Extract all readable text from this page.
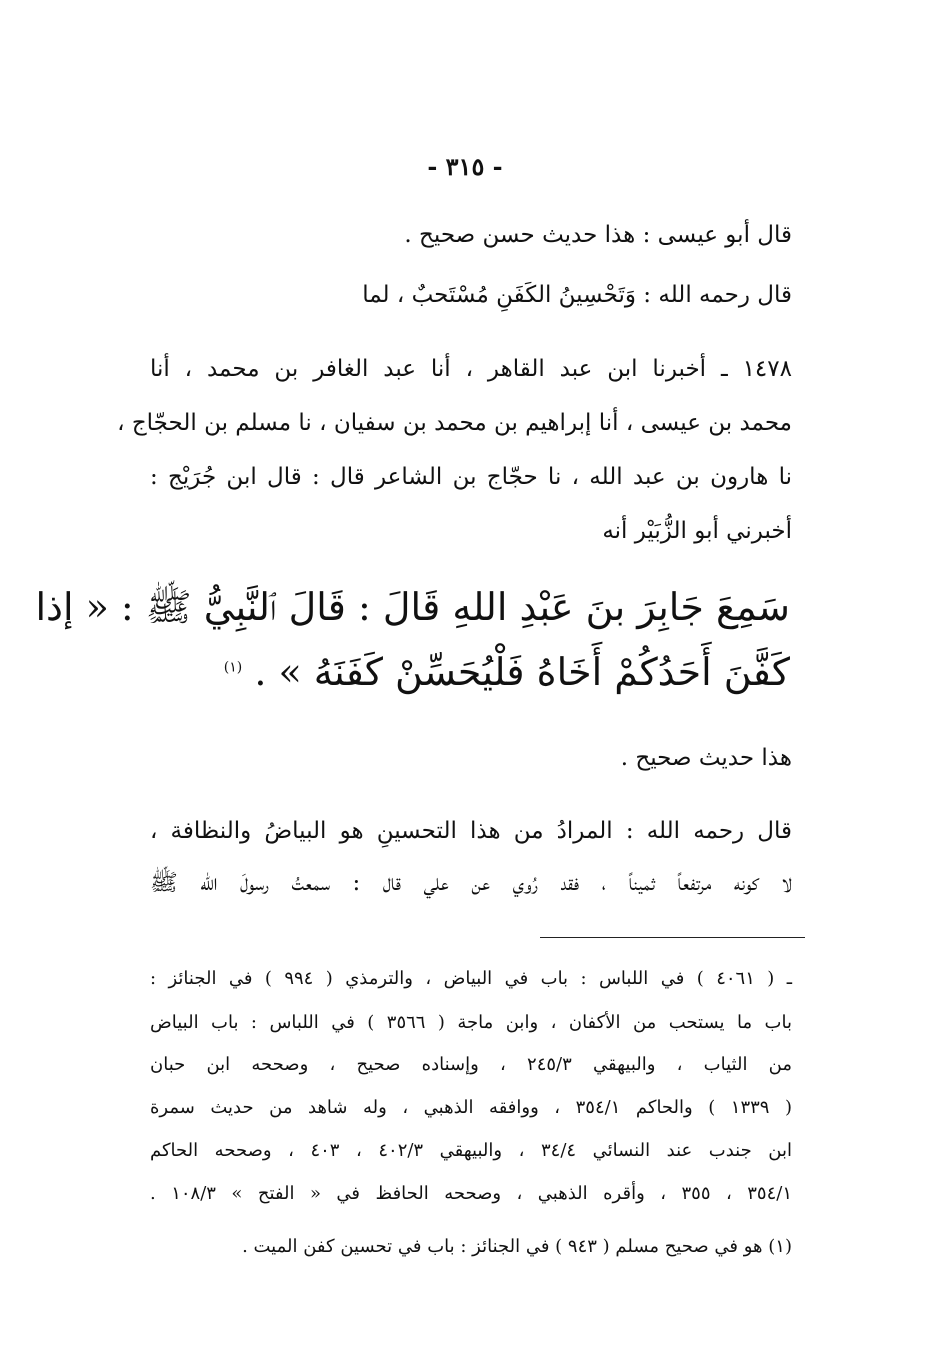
- ٣١٥ -
قال أبو عيسى : هذا حديث حسن صحيح .
قال رحمه الله : وَتَحْسِينُ الكَفَنِ مُسْتَحبٌ ، لما
١٤٧٨ ـ أخبرنا ابن عبد القاهر ، أنا عبد الغافر بن محمد ، أنا
محمد بن عيسى ، أنا إبراهيم بن محمد بن سفيان ، نا مسلم بن الحجّاج ،
نا هارون بن عبد الله ، نا حجّاج بن الشاعر قال : قال ابن جُرَيْج :
أخبرني أبو الزُّبَيْر أنه
سَمِعَ جَابِرَ بنَ عَبْدِ اللهِ قَالَ : قَالَ ٱلنَّبِيُّ ﷺ : « إذا
كَفَّنَ أَحَدُكُمْ أَخَاهُ فَلْيُحَسِّنْ كَفَنَهُ » . $^{(١)}$
هذا حديث صحيح .
قال رحمه الله : المرادُ من هذا التحسينِ هو البياضُ والنظافة ،
لا كونه مرتفعاً ثميناً ، فقد رُوي عن علي قال : سمعتُ رسولَ الله ﷺ
ـ ( ٤٠٦١ ) في اللباس : باب في البياض ، والترمذي ( ٩٩٤ ) في الجنائز :
باب ما يستحب من الأكفان ، وابن ماجة ( ٣٥٦٦ ) في اللباس : باب البياض
من الثياب ، والبيهقي ٢٤٥/٣ ، وإسناده صحيح ، وصححه ابن حبان
( ١٣٣٩ ) والحاكم ٣٥٤/١ ، ووافقه الذهبي ، وله شاهد من حديث سمرة
ابن جندب عند النسائي ٣٤/٤ ، والبيهقي ٤٠٢/٣ ، ٤٠٣ ، وصححه الحاكم
٣٥٤/١ ، ٣٥٥ ، وأقره الذهبي ، وصححه الحافظ في « الفتح » ١٠٨/٣ .
(١) هو في صحيح مسلم ( ٩٤٣ ) في الجنائز : باب في تحسين كفن الميت .
